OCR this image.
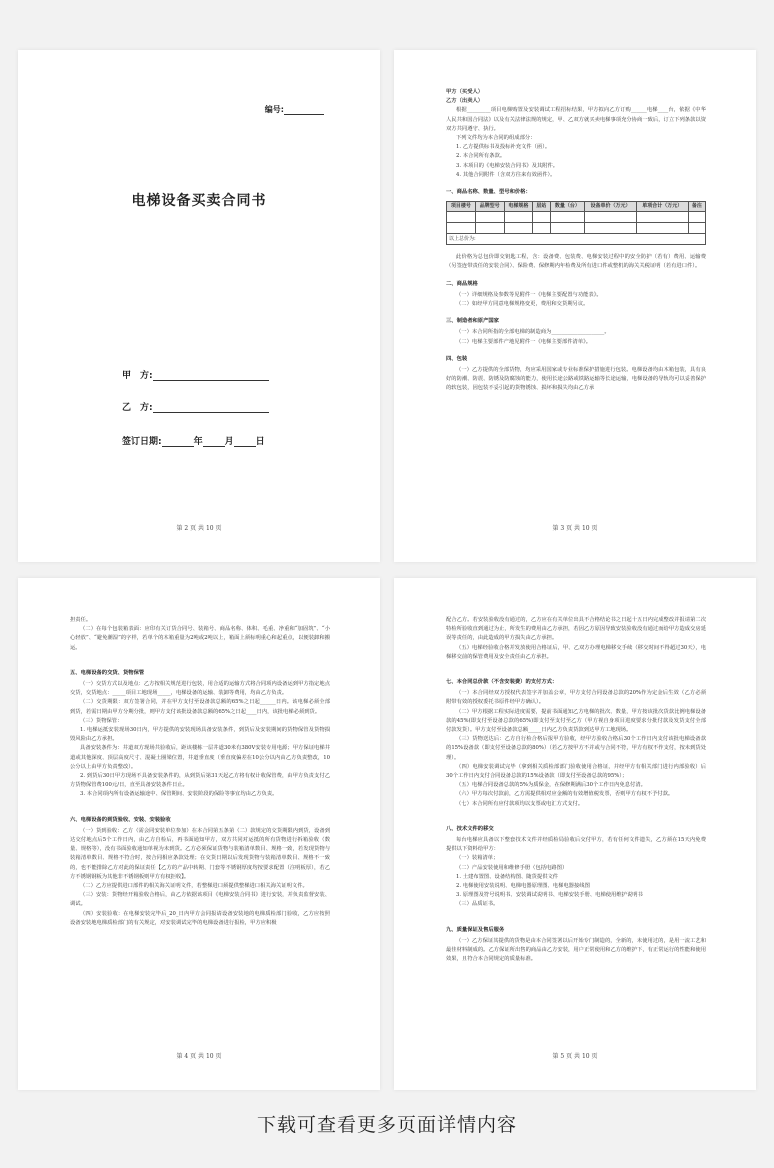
编号:
电梯设备买卖合同书
甲　方:
乙　方:
签订日期:	年 月 日
第 2 页 共 10 页

甲方（买受人）

乙方（出卖人）

根据_________项目电梯购置及安装调试工程招标结果，甲方拟向乙方订购______电梯____台，依据《中华人民共和国合同法》以及有关法律法规的规定，甲、乙双方就买卖电梯事项充分协商一致后，订立下列条款以资双方共同遵守、执行。

下列文件均为本合同的组成部分：

1. 乙方提供标书及投标补充文件（函）。

2. 本合同所有条款。

3. 本项目的《电梯安装合同书》及其附件。

4. 其他合同附件（含双方往来有效函件）。

一、商品名称、数量、型号和价格：

项目楼号	品牌型号	电梯规格	层站	数量（台）	设备单价（万元）	单项合计（万元）	备注

以上总价为:							

此价格为总包价即交钥匙工程，含：设备费、包装费、电梯安装过程中的安全防护（若有）费用、运输费（另签连带责任的安装合同）、保险费、保修期内年检费及所有进口件或整机的海关关税证明（若有进口件）。

二、商品规格

（一）详细规格及参数等见附件一《电梯主要配置与功能表》。

（二）如经甲方同意电梯规格变更，费用和交货期另议。

三、制造者和原产国家

（一）本合同所指的全部电梯的制造商为____________________。

（二）电梯主要部件产地见附件一《电梯主要部件清单》。

四、包装

（一）乙方提供的全部货物，均应采用国家或专业标准保护措施进行包装。电梯设备均由木箱包装，具有良好的防潮、防震、防锈及防腐蚀的能力，使用长途公路或铁路运输等长途运输，电梯设备的导轨均可以妥善保护的软包装，因包装不妥引起的货物锈蚀、损坏和损失均由乙方承

第 3 页 共 10 页

担责任。

（二）在每个包装箱表面：应印有关订货合同号、装箱号、商品名称、体积、毛重、净重和“加固筑”、“小心轻放”、“避免潮湿”的字样，若单个的木箱重量为2吨或2吨以上，箱面上须标明重心和起重点，以便装卸和搬运。

五、电梯设备的交货、货物保管

（一）交货方式以及地点：乙方按相关规范进行包装，用合适的运输方式将合同项内设备运到甲方指定地点交货，交货地点：_____项目工地现场_____，电梯设备的运输、装卸等费用，均由乙方负责。

（二）交货期限：双方签署合同，并在甲方支付至设备款总额的65%之日起______日内。该电梯必须全部到货，若需日期由甲方分期分批，则甲方支付该批设备款总额的65%之日起____日内，该批电梯必须到货。

（三）货物保管：

1. 电梯运抵安装现场30日内，甲方提供的安装现场具备安装条件，到货后及安装期间的货物保管及货物损毁风险由乙方承担。

具备安装条件为：井道双方现场共验收后，距该楼栋一层井道30米有380V安装专用电源；甲方保证电梯井道或其他深度、顶层高度尺寸、混凝土圈梁位置，井道垂直度（垂直度偏差在10公分以内由乙方负责整改，10公分以上由甲方负责整改）。

2. 到货后30日甲方现场不具备安装条件的，从到货后第31天起乙方将有权计收保管费，由甲方负责支付乙方货物保管费100元/日，直至具备安装条件日止。

3. 本合同项内所有设备运输途中、保管期间、安装阶段的保险等事宜均由乙方负责。

六、电梯设备的到货验收、安装、安装验收

（一）货到验收：乙方（需会同安装单位参加）在本合同第五条第（二）款规定的交货期限内到货，设备到达交付地点后5个工作日内，由乙方自检后，再书面通知甲方，双方共同对运抵的所有货物进行拆箱验收（数量、规格等），没有书面验收通知单视为未到货。乙方必须保证货物与装箱清单数目、规格一致，若发现货物与装箱清单数目、规格不符合时，按合同相应条款处理；在交货日期以后发现货物与装箱清单数目、规格不一致的，也不能排除乙方对此的保证责任【乙方的产品中转期、门套等不锈钢厚度均按要求配置（注明板厚），若乙方不锈钢钢板为其他非不锈钢板则甲方有权拒收】。

（二）乙方应提供进口部件的相关海关证明文件，若整梯进口须提供整梯进口相关海关证明文件。

（三）安装：货物经开箱验收合格后，由乙方依据该项目《电梯安装合同书》进行安装，并负责监督安装、调试。

（四）安装验收：在电梯安装完毕后_20_日内甲方会同报请设备安装地的电梯质检部门验收，乙方应按照设备安装地电梯质检部门的有关规定，对安装调试完毕的电梯设备进行报检，甲方应积极

第 4 页 共 10 页

配合乙方。若安装验收没有通过的，乙方应在有关单位出具不合格结论书之日起十五日内完成整改并报请第二次特检所验收直到通过为止，所发生的费用由乙方承担，若因乙方原因导致安装验收没有通过而给甲方造成交房延误等责任的，由此造成的甲方损失由乙方承担。

（五）电梯经验收合格并发放使用合格证后，甲、乙双方办理电梯移交手续（移交时间不得超过30天），电梯移交前的保管费用及安全责任由乙方承担。

七、本合同总价款（不含安装费）的支付方式：

（一）本合同经双方授权代表签字并加盖公章，甲方支付合同设备总款的20%作为定金后生效（乙方必须附带有效的授权委托书原件经甲方确认）。

（二）甲方根据工程实际进度需要，提前书面通知乙方电梯的批次、数量，甲方按该批次货款比例电梯设备款的45%(即支付至设备总款的65%)即支付至支付至乙方（甲方视自身项目进度要求分批付款及发货支付全部付款发货）。甲方支付至设备款总额_____日内乙方负责货款到达甲方工地现场。

（三）货物送达后：乙方自行检合格后报甲方验收，经甲方验收合格后30个工作日内支付该批电梯设备款的15%设备款（即支付至设备总款的80%）（若乙方按甲方不并或与合同不符，甲方有权不作支付，按未到货处理）。

（四）电梯安装调试完毕（拿到相关质检部部门验收使用合格证，并经甲方有相关部门进行内部验收）后30个工作日内支付合同设备总款的15%设备款（即支付至设备总款的95%）；

（五）电梯合同设备总款的5%为质保金，在保修期满后30个工作日内免息付清。

（六）甲方每次付款前，乙方需提供相对应金额的有效增值税发票，否则甲方有权不予付款。

（七）本合同所有应付款项均以支票或电汇方式支付。

八、技术文件的移交

每台电梯应具备以下整套技术文件并经质检局验收后交付甲方，若有任何文件遗失，乙方须在15天内免费提供以下资料给甲方：

（一）装箱清单；

（二）产品安装使用和维修手册（包括电路图）

1. 土建布置图、设备结构图、随货提供文件

2. 电梯使用安装说明、电梯电器原理图、电梯电器接线图

3. 原理图及符号说明书、安装调试说明书、电梯安装手册、电梯使用维护说明书

（三）品质证书。

九、质量保证及售后服务

（一）乙方保证其提供的货物是由本合同签署以后开始专门制造的，全新的，未使用过的，是用一流工艺和最佳材料制成的。乙方保证所出售的商品由乙方安装，用户正常使用和乙方的维护下，有正常运行的性能和使用效果，且符合本合同规定的质量标准。

第 5 页 共 10 页
下载可查看更多页面详情内容
